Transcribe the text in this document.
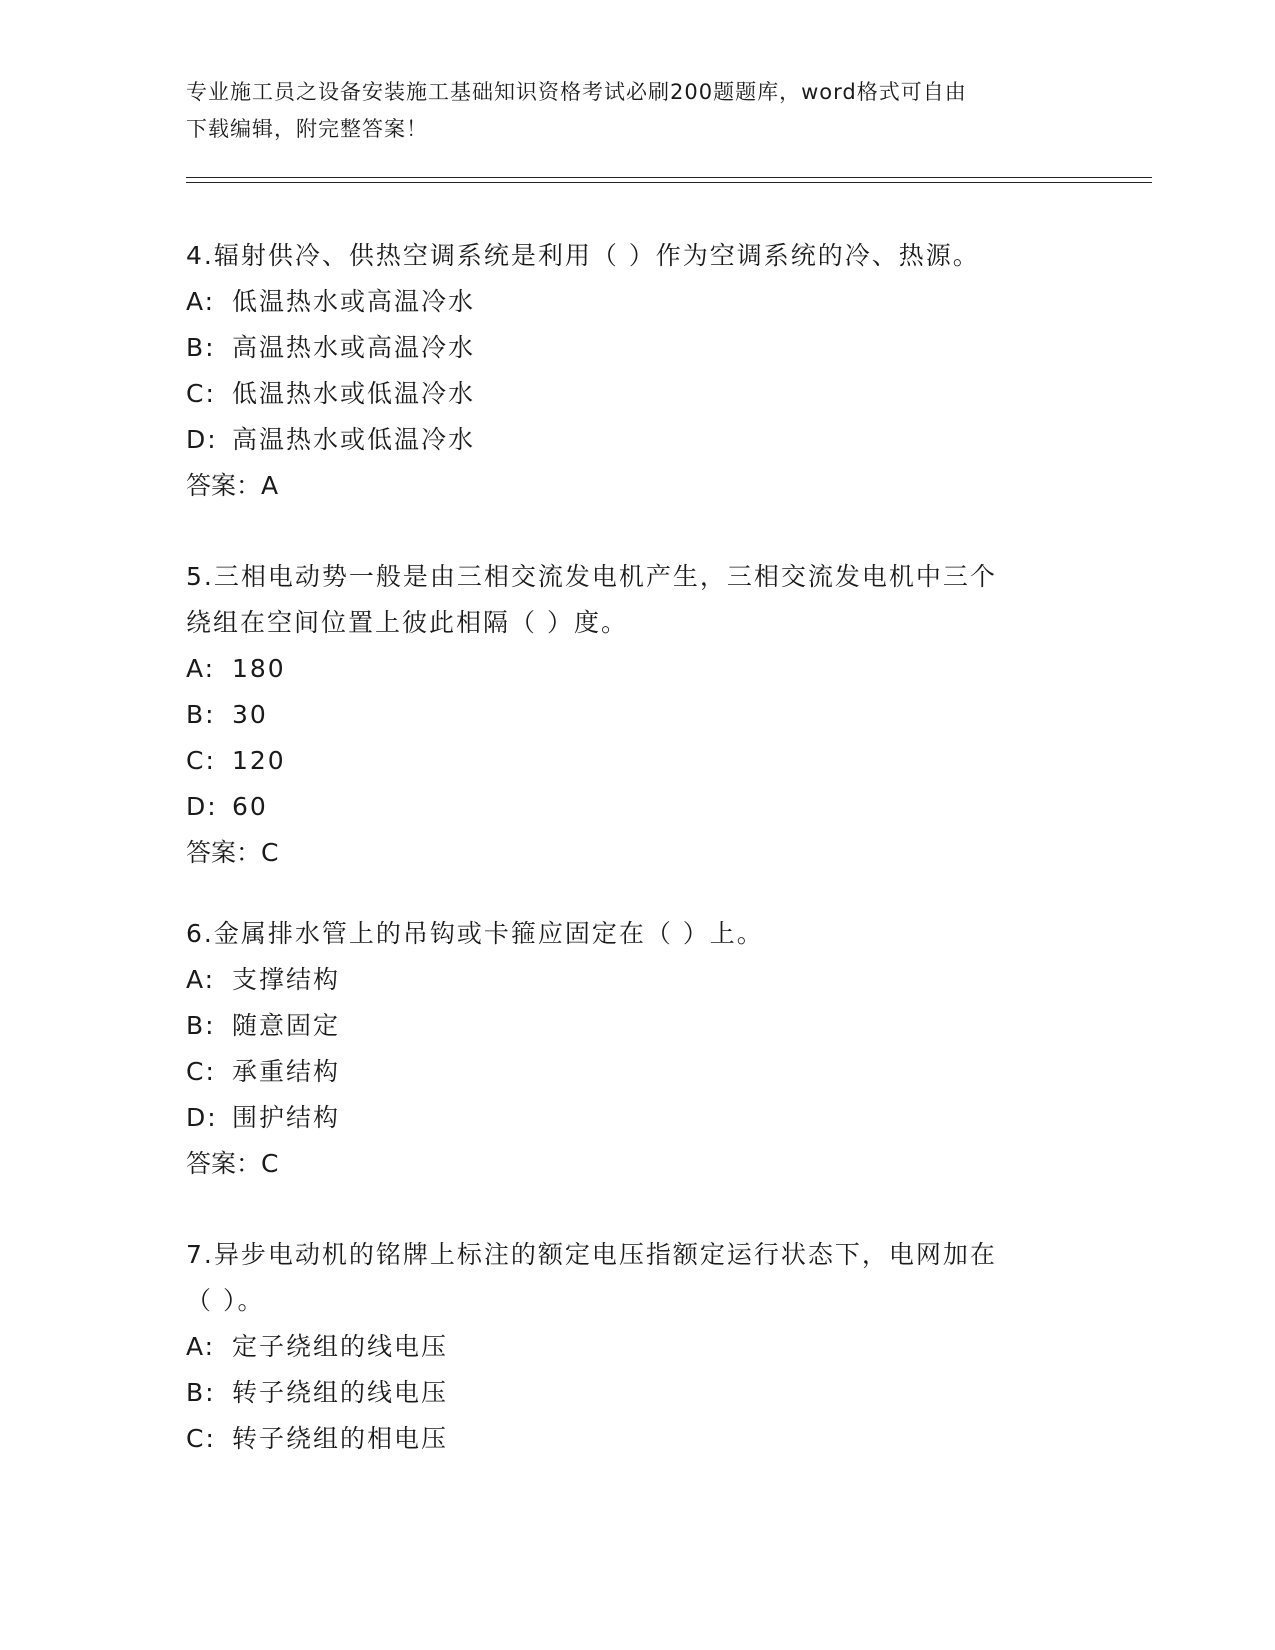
专业施工员之设备安装施工基础知识资格考试必刷200题题库，word格式可自由
下载编辑，附完整答案！

4.辐射供冷、供热空调系统是利用（ ）作为空调系统的冷、热源。

A: 低温热水或高温冷水

B: 高温热水或高温冷水

C: 低温热水或低温冷水

D: 高温热水或低温冷水

答案：A

5.三相电动势一般是由三相交流发电机产生，三相交流发电机中三个

绕组在空间位置上彼此相隔（ ）度。

A: 180

B: 30

C: 120

D: 60

答案：C

6.金属排水管上的吊钩或卡箍应固定在（ ）上。

A: 支撑结构

B: 随意固定

C: 承重结构

D: 围护结构

答案：C

7.异步电动机的铭牌上标注的额定电压指额定运行状态下，电网加在

（ ）。

A: 定子绕组的线电压

B: 转子绕组的线电压

C: 转子绕组的相电压
